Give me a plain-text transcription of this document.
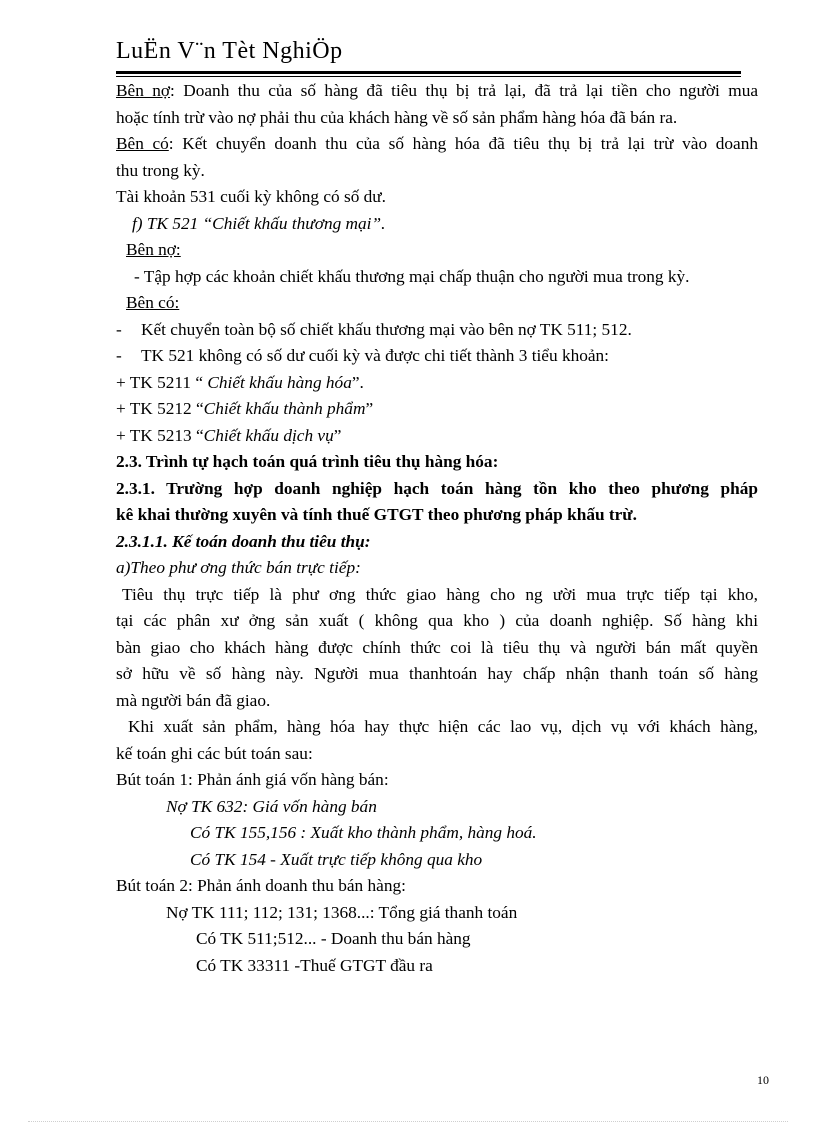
LuËn V¨n Tèt NghiÖp
Bên nợ: Doanh thu của số hàng đã tiêu thụ bị trả lại, đã trả lại tiền cho người mua
hoặc tính trừ vào nợ phải thu của khách hàng về số sản phẩm hàng hóa đã bán ra.
Bên có: Kết chuyển doanh thu của số hàng hóa đã tiêu thụ bị trả lại trừ vào doanh
thu trong kỳ.
Tài khoản 531 cuối kỳ không có số dư.
f) TK 521 “Chiết khấu thương mại”.
Bên nợ:
- Tập hợp các khoản chiết khấu thương mại chấp thuận cho người mua trong kỳ.
Bên có:
- Kết chuyển toàn bộ số chiết khấu thương mại vào bên nợ TK 511; 512.
- TK 521 không có số dư cuối kỳ và được chi tiết thành 3 tiểu khoản:
+ TK 5211 “ Chiết khấu hàng hóa”.
+ TK 5212 “Chiết khấu thành phẩm”
+ TK 5213 “Chiết khấu dịch vụ”
2.3. Trình tự hạch toán quá trình tiêu thụ hàng hóa:
2.3.1. Trường hợp doanh nghiệp hạch toán hàng tồn kho theo phương pháp
kê khai thường xuyên và tính thuế GTGT theo phương pháp khấu trừ.
2.3.1.1. Kế toán doanh thu tiêu thụ:
a)Theo phư ơng thức bán trực tiếp:
Tiêu thụ trực tiếp là phư ơng thức giao hàng cho ng ười mua trực tiếp tại kho,
tại các phân xư ởng sản xuất ( không qua kho ) của doanh nghiệp. Số hàng khi
bàn giao cho khách hàng được chính thức coi là tiêu thụ và người bán mất quyền
sở hữu về số hàng này. Người mua thanhtoán hay chấp nhận thanh toán số hàng
mà người bán đã giao.
Khi xuất sản phẩm, hàng hóa hay thực hiện các lao vụ, dịch vụ với khách hàng,
kế toán ghi các bút toán sau:
Bút toán 1: Phản ánh giá vốn hàng bán:
Nợ TK 632: Giá vốn hàng bán
Có TK 155,156 : Xuất kho thành phẩm, hàng hoá.
Có TK 154 - Xuất trực tiếp không qua kho
Bút toán 2: Phản ánh doanh thu bán hàng:
Nợ TK 111; 112; 131; 1368...: Tổng giá thanh toán
Có TK 511;512... - Doanh thu bán hàng
Có TK 33311 -Thuế GTGT đầu ra
10
